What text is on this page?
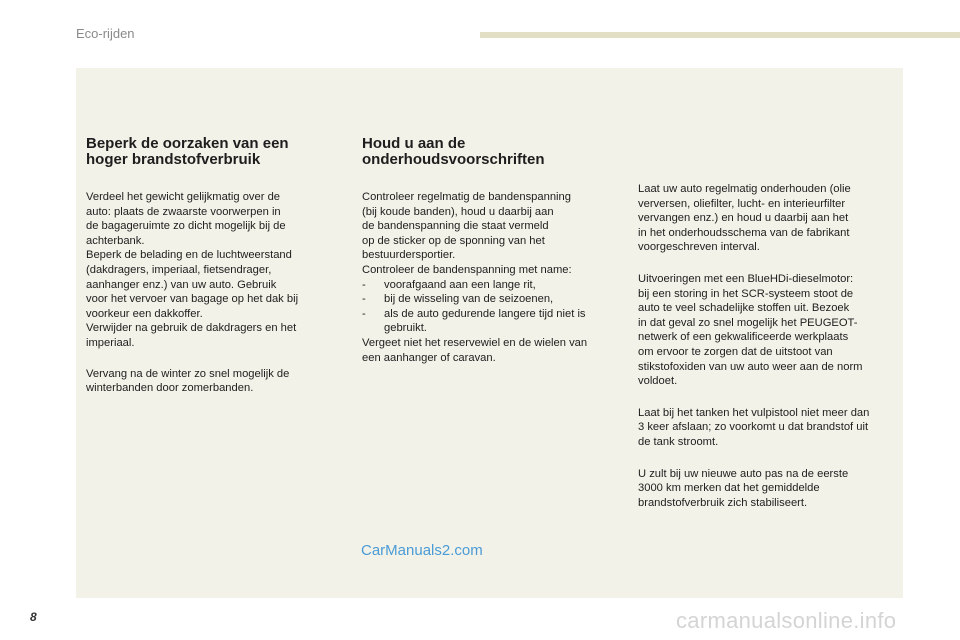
Eco-rijden
Beperk de oorzaken van een
hoger brandstofverbruik

Verdeel het gewicht gelijkmatig over de
auto: plaats de zwaarste voorwerpen in
de bagageruimte zo dicht mogelijk bij de
achterbank.
Beperk de belading en de luchtweerstand
(dakdragers, imperiaal, fietsendrager,
aanhanger enz.) van uw auto. Gebruik
voor het vervoer van bagage op het dak bij
voorkeur een dakkoffer.
Verwijder na gebruik de dakdragers en het
imperiaal.

Vervang na de winter zo snel mogelijk de
winterbanden door zomerbanden.

Houd u aan de
onderhoudsvoorschriften

Controleer regelmatig de bandenspanning
(bij koude banden), houd u daarbij aan
de bandenspanning die staat vermeld
op de sticker op de sponning van het
bestuurdersportier.
Controleer de bandenspanning met name:

- voorafgaand aan een lange rit,
- bij de wisseling van de seizoenen,
- als de auto gedurende langere tijd niet is gebruikt.

Vergeet niet het reservewiel en de wielen van
een aanhanger of caravan.

Laat uw auto regelmatig onderhouden (olie
verversen, oliefilter, lucht- en interieurfilter
vervangen enz.) en houd u daarbij aan het
in het onderhoudsschema van de fabrikant
voorgeschreven interval.

Uitvoeringen met een BlueHDi-dieselmotor:
bij een storing in het SCR-systeem stoot de
auto te veel schadelijke stoffen uit. Bezoek
in dat geval zo snel mogelijk het PEUGEOT-
netwerk of een gekwalificeerde werkplaats
om ervoor te zorgen dat de uitstoot van
stikstofoxiden van uw auto weer aan de norm
voldoet.

Laat bij het tanken het vulpistool niet meer dan
3 keer afslaan; zo voorkomt u dat brandstof uit
de tank stroomt.

U zult bij uw nieuwe auto pas na de eerste
3000 km merken dat het gemiddelde
brandstofverbruik zich stabiliseert.

CarManuals2.com
8	carmanualsonline.info
